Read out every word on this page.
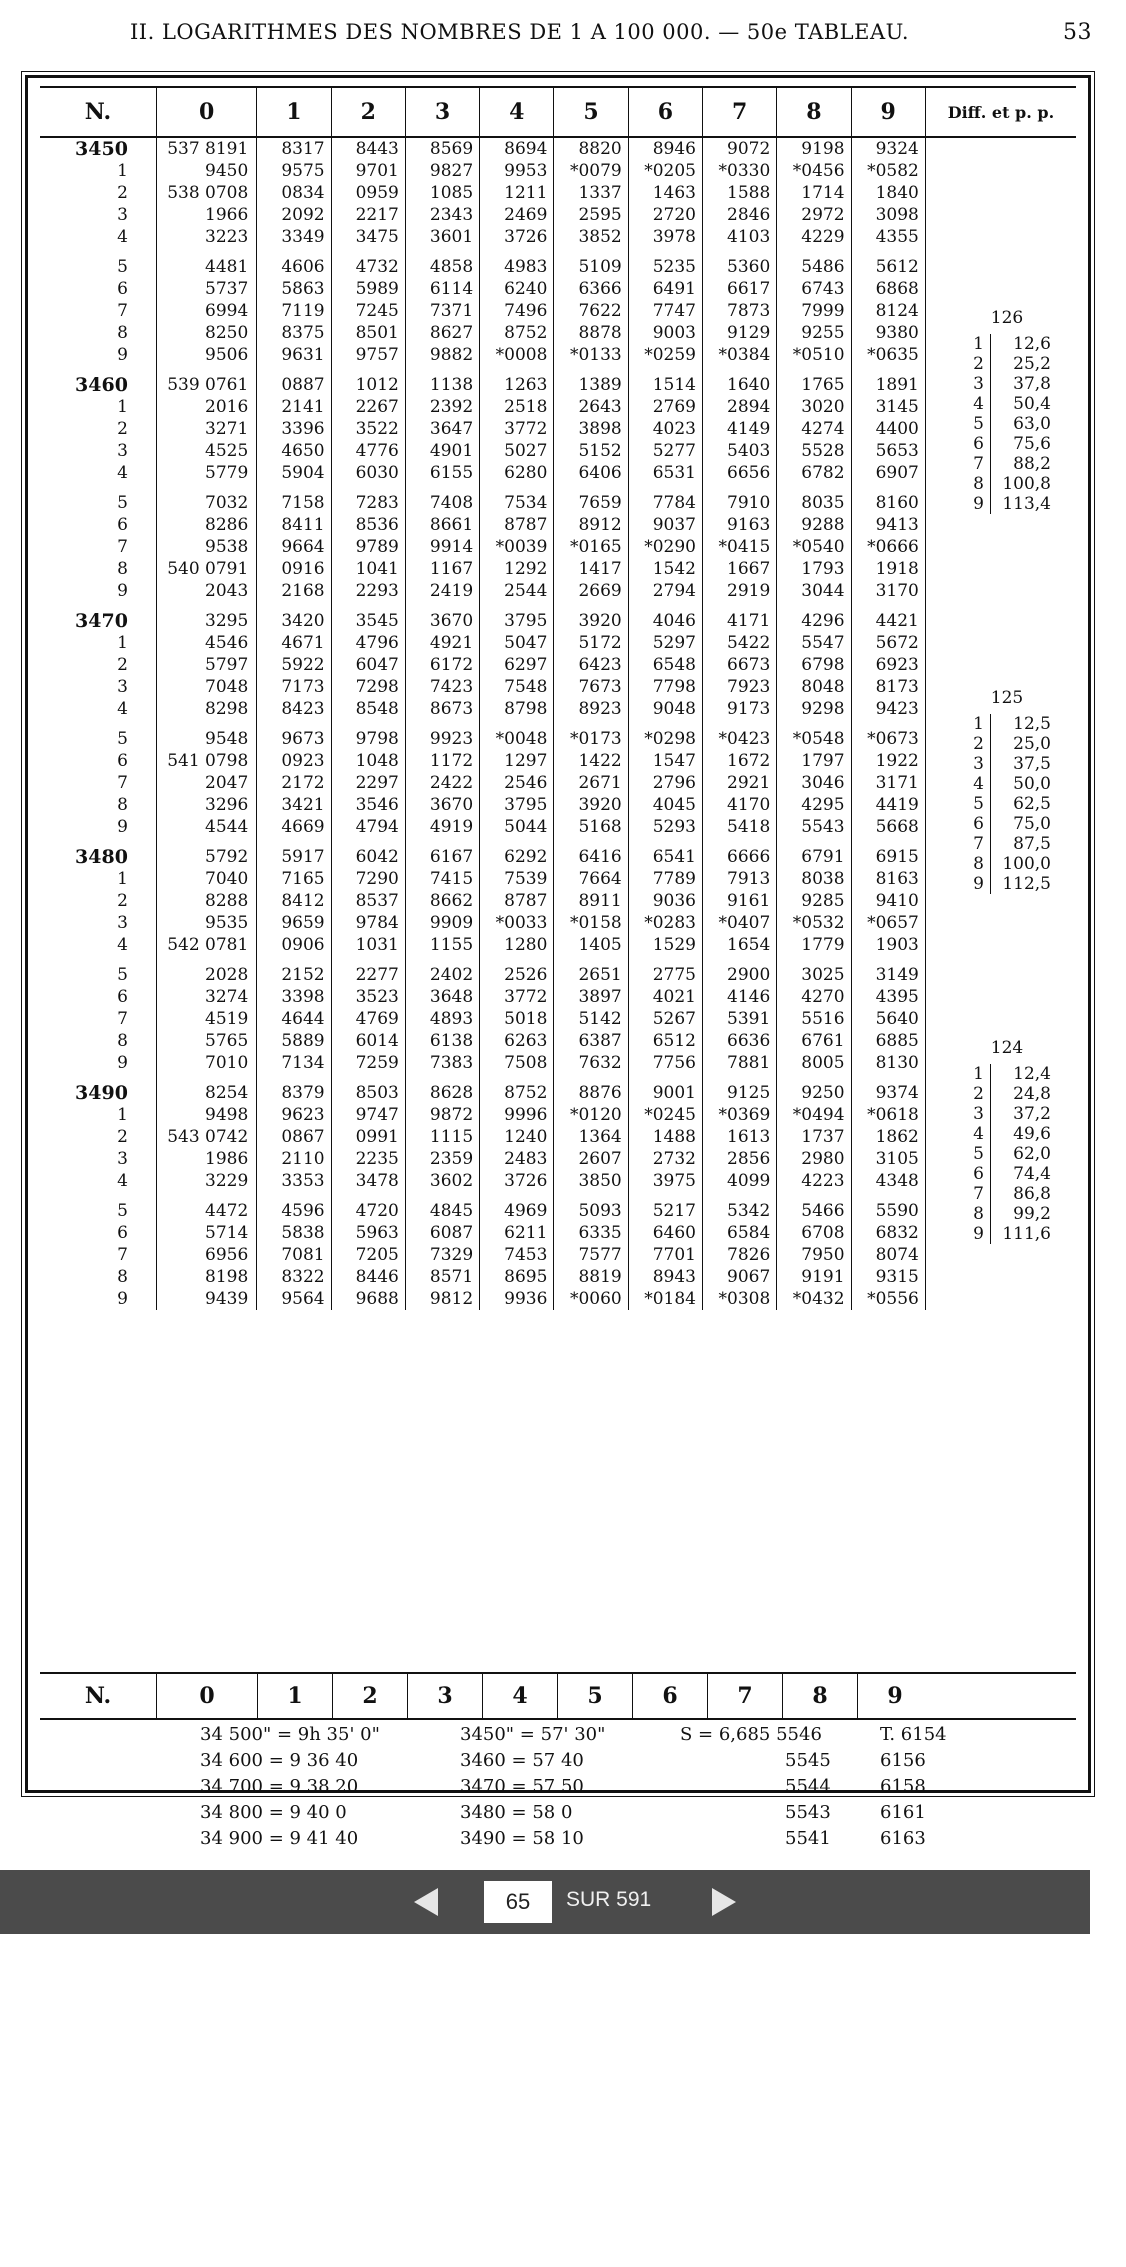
II. LOGARITHMES DES NOMBRES DE 1 A 100 000. — 50e TABLEAU.	53
N.	0	1	2	3	4	5	6	7	8	9	Diff. et p. p.
3450	537 8191	8317	8443	8569	8694	8820	8946	9072	9198	9324	
1	9450	9575	9701	9827	9953	*0079	*0205	*0330	*0456	*0582	
2	538 0708	0834	0959	1085	1211	1337	1463	1588	1714	1840	
3	1966	2092	2217	2343	2469	2595	2720	2846	2972	3098	
4	3223	3349	3475	3601	3726	3852	3978	4103	4229	4355	
5	4481	4606	4732	4858	4983	5109	5235	5360	5486	5612	
6	5737	5863	5989	6114	6240	6366	6491	6617	6743	6868	
7	6994	7119	7245	7371	7496	7622	7747	7873	7999	8124	
8	8250	8375	8501	8627	8752	8878	9003	9129	9255	9380	
9	9506	9631	9757	9882	*0008	*0133	*0259	*0384	*0510	*0635	
3460	539 0761	0887	1012	1138	1263	1389	1514	1640	1765	1891	
1	2016	2141	2267	2392	2518	2643	2769	2894	3020	3145	
2	3271	3396	3522	3647	3772	3898	4023	4149	4274	4400	
3	4525	4650	4776	4901	5027	5152	5277	5403	5528	5653	
4	5779	5904	6030	6155	6280	6406	6531	6656	6782	6907	
5	7032	7158	7283	7408	7534	7659	7784	7910	8035	8160	
6	8286	8411	8536	8661	8787	8912	9037	9163	9288	9413	
7	9538	9664	9789	9914	*0039	*0165	*0290	*0415	*0540	*0666	
8	540 0791	0916	1041	1167	1292	1417	1542	1667	1793	1918	
9	2043	2168	2293	2419	2544	2669	2794	2919	3044	3170	
3470	3295	3420	3545	3670	3795	3920	4046	4171	4296	4421	
1	4546	4671	4796	4921	5047	5172	5297	5422	5547	5672	
2	5797	5922	6047	6172	6297	6423	6548	6673	6798	6923	
3	7048	7173	7298	7423	7548	7673	7798	7923	8048	8173	
4	8298	8423	8548	8673	8798	8923	9048	9173	9298	9423	
5	9548	9673	9798	9923	*0048	*0173	*0298	*0423	*0548	*0673	
6	541 0798	0923	1048	1172	1297	1422	1547	1672	1797	1922	
7	2047	2172	2297	2422	2546	2671	2796	2921	3046	3171	
8	3296	3421	3546	3670	3795	3920	4045	4170	4295	4419	
9	4544	4669	4794	4919	5044	5168	5293	5418	5543	5668	
3480	5792	5917	6042	6167	6292	6416	6541	6666	6791	6915	
1	7040	7165	7290	7415	7539	7664	7789	7913	8038	8163	
2	8288	8412	8537	8662	8787	8911	9036	9161	9285	9410	
3	9535	9659	9784	9909	*0033	*0158	*0283	*0407	*0532	*0657	
4	542 0781	0906	1031	1155	1280	1405	1529	1654	1779	1903	
5	2028	2152	2277	2402	2526	2651	2775	2900	3025	3149	
6	3274	3398	3523	3648	3772	3897	4021	4146	4270	4395	
7	4519	4644	4769	4893	5018	5142	5267	5391	5516	5640	
8	5765	5889	6014	6138	6263	6387	6512	6636	6761	6885	
9	7010	7134	7259	7383	7508	7632	7756	7881	8005	8130	
3490	8254	8379	8503	8628	8752	8876	9001	9125	9250	9374	
1	9498	9623	9747	9872	9996	*0120	*0245	*0369	*0494	*0618	
2	543 0742	0867	0991	1115	1240	1364	1488	1613	1737	1862	
3	1986	2110	2235	2359	2483	2607	2732	2856	2980	3105	
4	3229	3353	3478	3602	3726	3850	3975	4099	4223	4348	
5	4472	4596	4720	4845	4969	5093	5217	5342	5466	5590	
6	5714	5838	5963	6087	6211	6335	6460	6584	6708	6832	
7	6956	7081	7205	7329	7453	7577	7701	7826	7950	8074	
8	8198	8322	8446	8571	8695	8819	8943	9067	9191	9315	
9	9439	9564	9688	9812	9936	*0060	*0184	*0308	*0432	*0556	
126
1	12,6
2	25,2
3	37,8
4	50,4
5	63,0
6	75,6
7	88,2
8	100,8
9	113,4
125
1	12,5
2	25,0
3	37,5
4	50,0
5	62,5
6	75,0
7	87,5
8	100,0
9	112,5
124
1	12,4
2	24,8
3	37,2
4	49,6
5	62,0
6	74,4
7	86,8
8	99,2
9	111,6
N.	0	1	2	3	4	5	6	7	8	9
34 500" = 9h 35' 0"	3450" = 57' 30"	S = 6,685 5546	T. 6154
34 600 = 9 36 40	3460 = 57 40	5545	6156
34 700 = 9 38 20	3470 = 57 50	5544	6158
34 800 = 9 40 0	3480 = 58 0	5543	6161
34 900 = 9 41 40	3490 = 58 10	5541	6163
65
SUR 591
